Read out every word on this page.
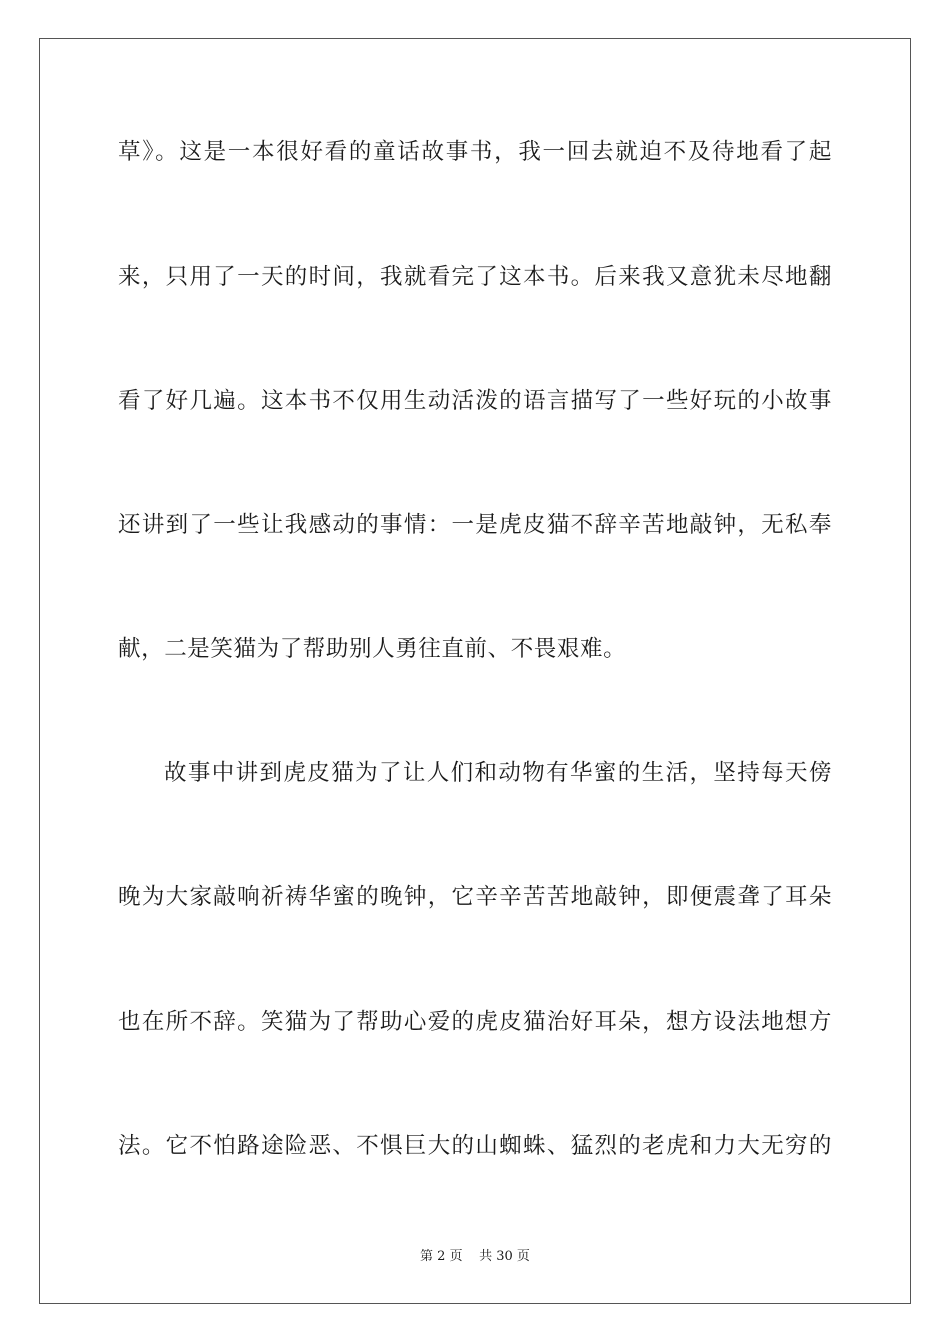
草》。这是一本很好看的童话故事书，我一回去就迫不及待地看了起
来，只用了一天的时间，我就看完了这本书。后来我又意犹未尽地翻
看了好几遍。这本书不仅用生动活泼的语言描写了一些好玩的小故事
还讲到了一些让我感动的事情：一是虎皮猫不辞辛苦地敲钟，无私奉
献，二是笑猫为了帮助别人勇往直前、不畏艰难。
故事中讲到虎皮猫为了让人们和动物有华蜜的生活，坚持每天傍
晚为大家敲响祈祷华蜜的晚钟，它辛辛苦苦地敲钟，即便震聋了耳朵
也在所不辞。笑猫为了帮助心爱的虎皮猫治好耳朵，想方设法地想方
法。它不怕路途险恶、不惧巨大的山蜘蛛、猛烈的老虎和力大无穷的
第 2 页 共 30 页
